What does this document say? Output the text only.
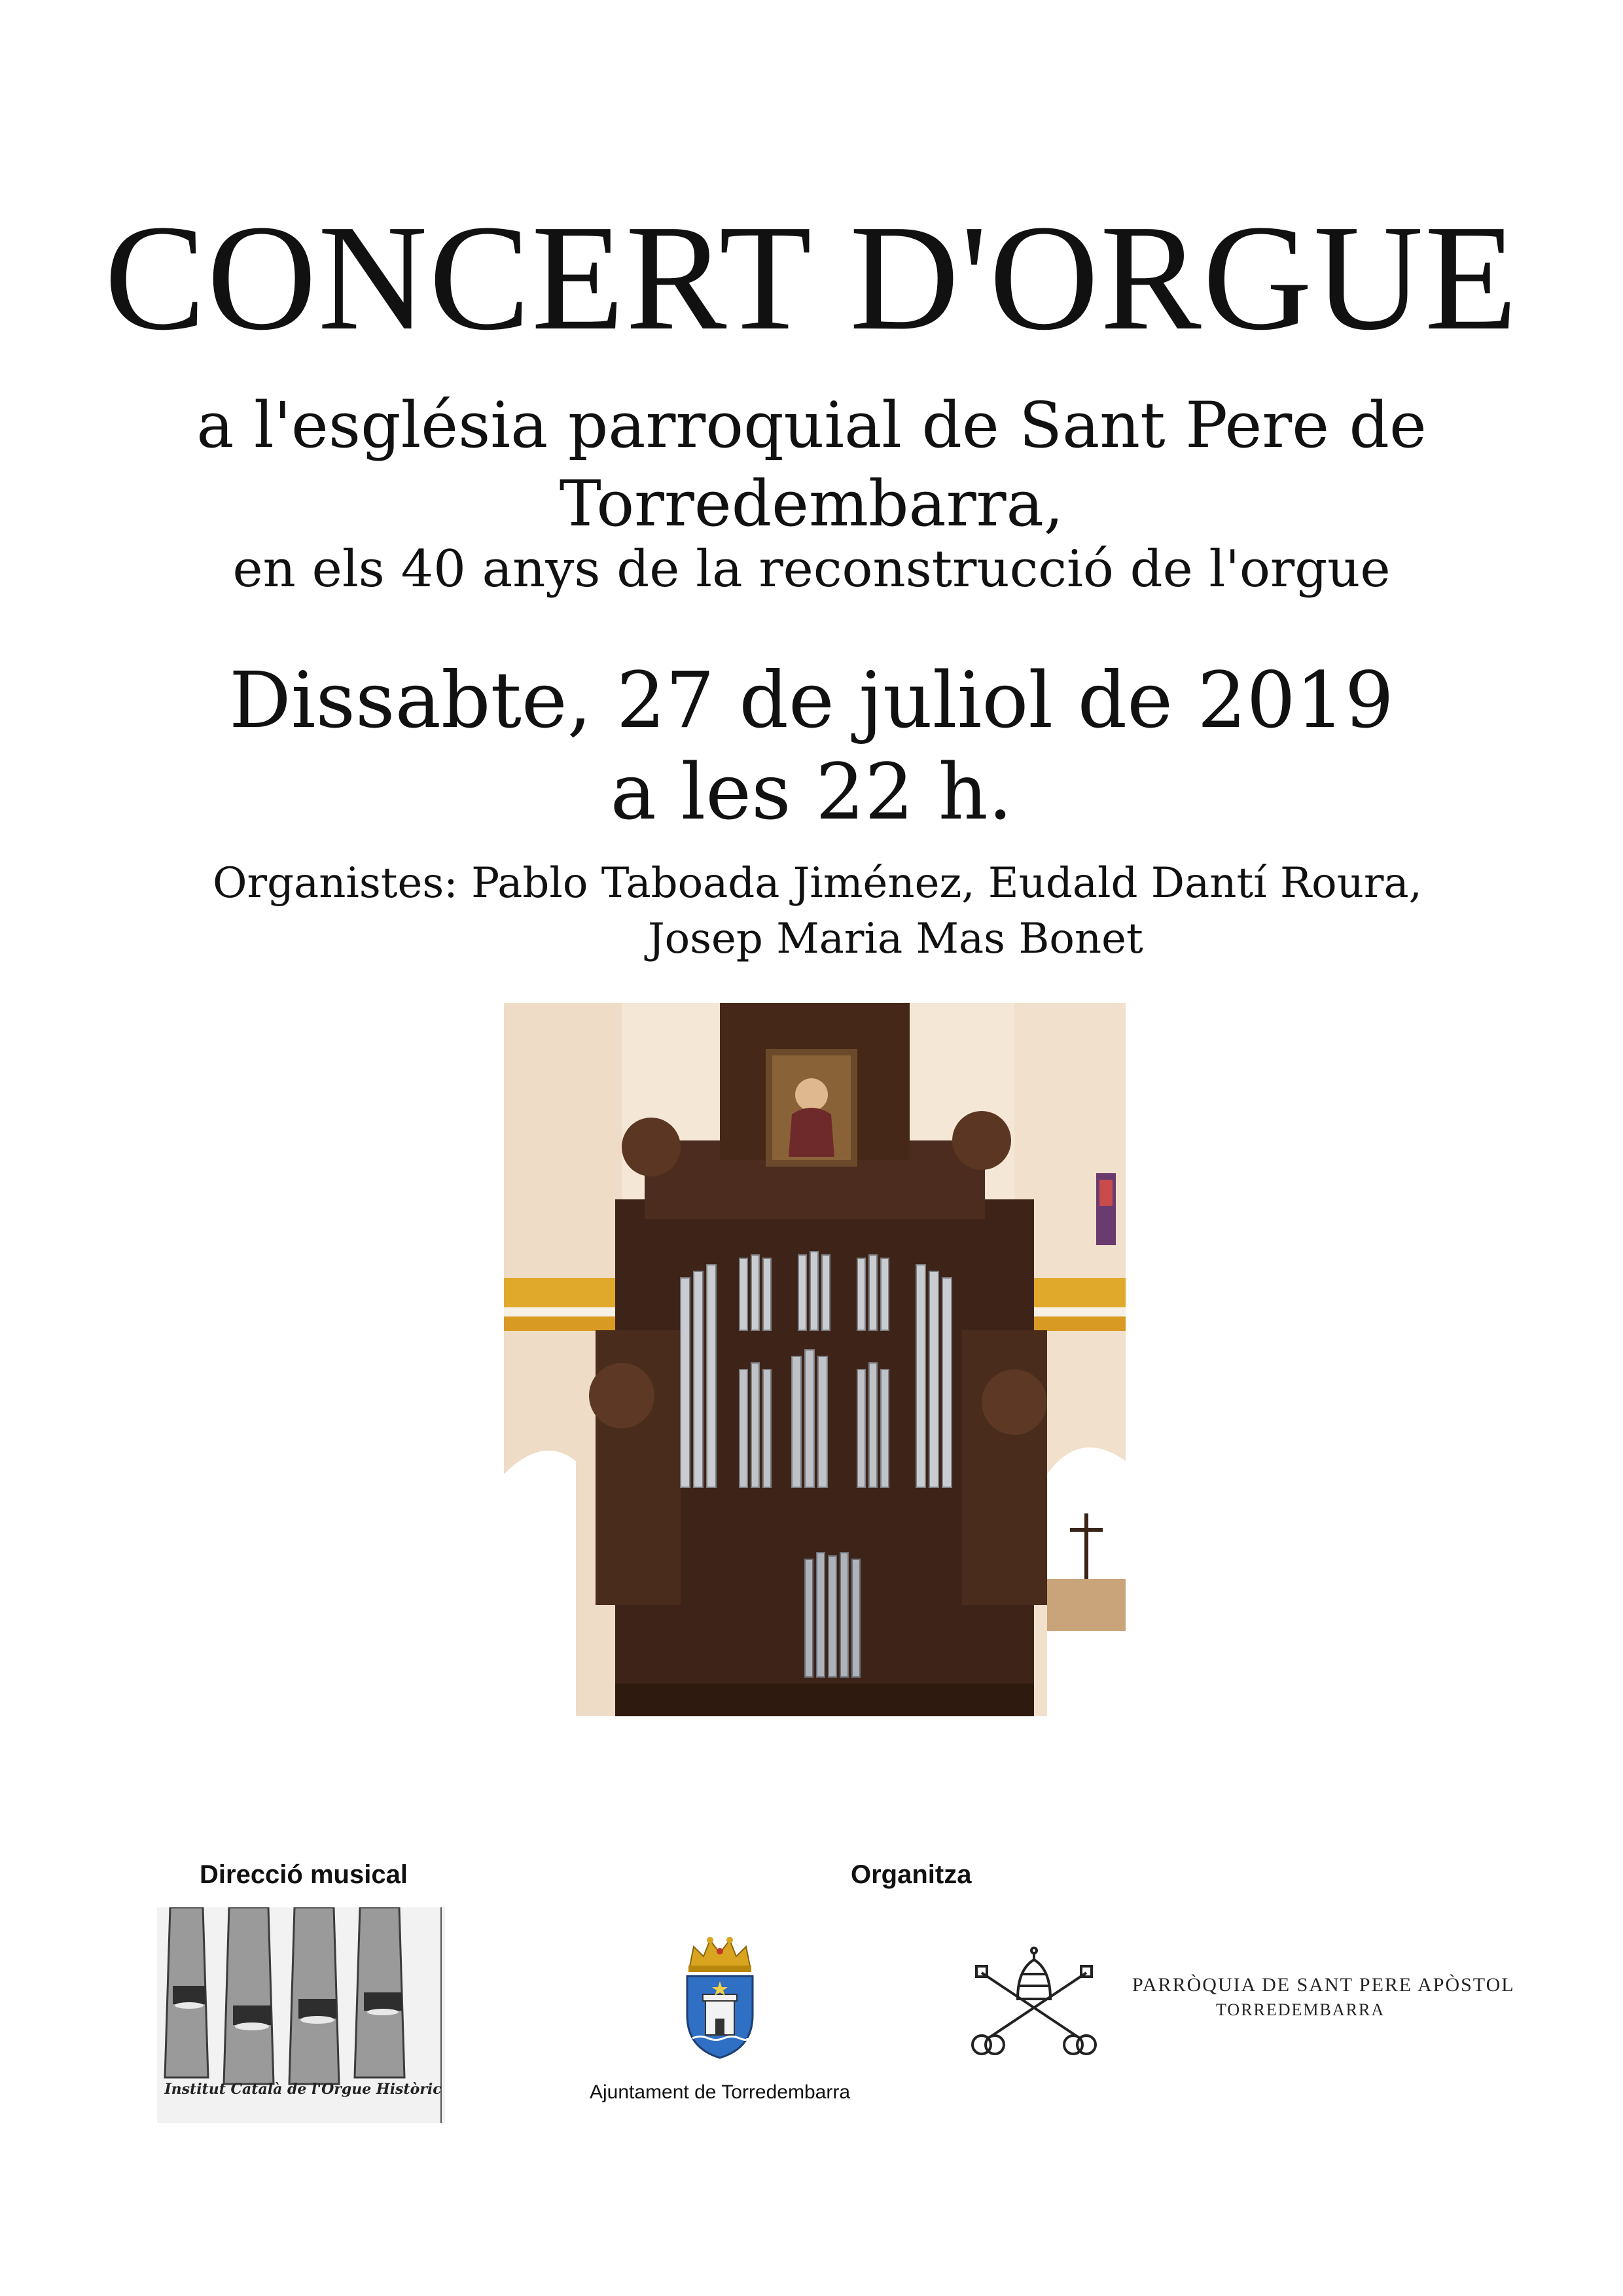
CONCERT D'ORGUE
a l'església parroquial de Sant Pere de
Torredembarra,
en els 40 anys de la reconstrucció de l'orgue
Dissabte, 27 de juliol de 2019
a les 22 h.
Organistes: Pablo Taboada Jiménez, Eudald Dantí Roura,
Josep Maria Mas Bonet
Direcció musical	Organitza
Institut Català de l'Orgue Històric	Ajuntament de Torredembarra
PARRÒQUIA DE SANT PERE APÒSTOL
TORREDEMBARRA
